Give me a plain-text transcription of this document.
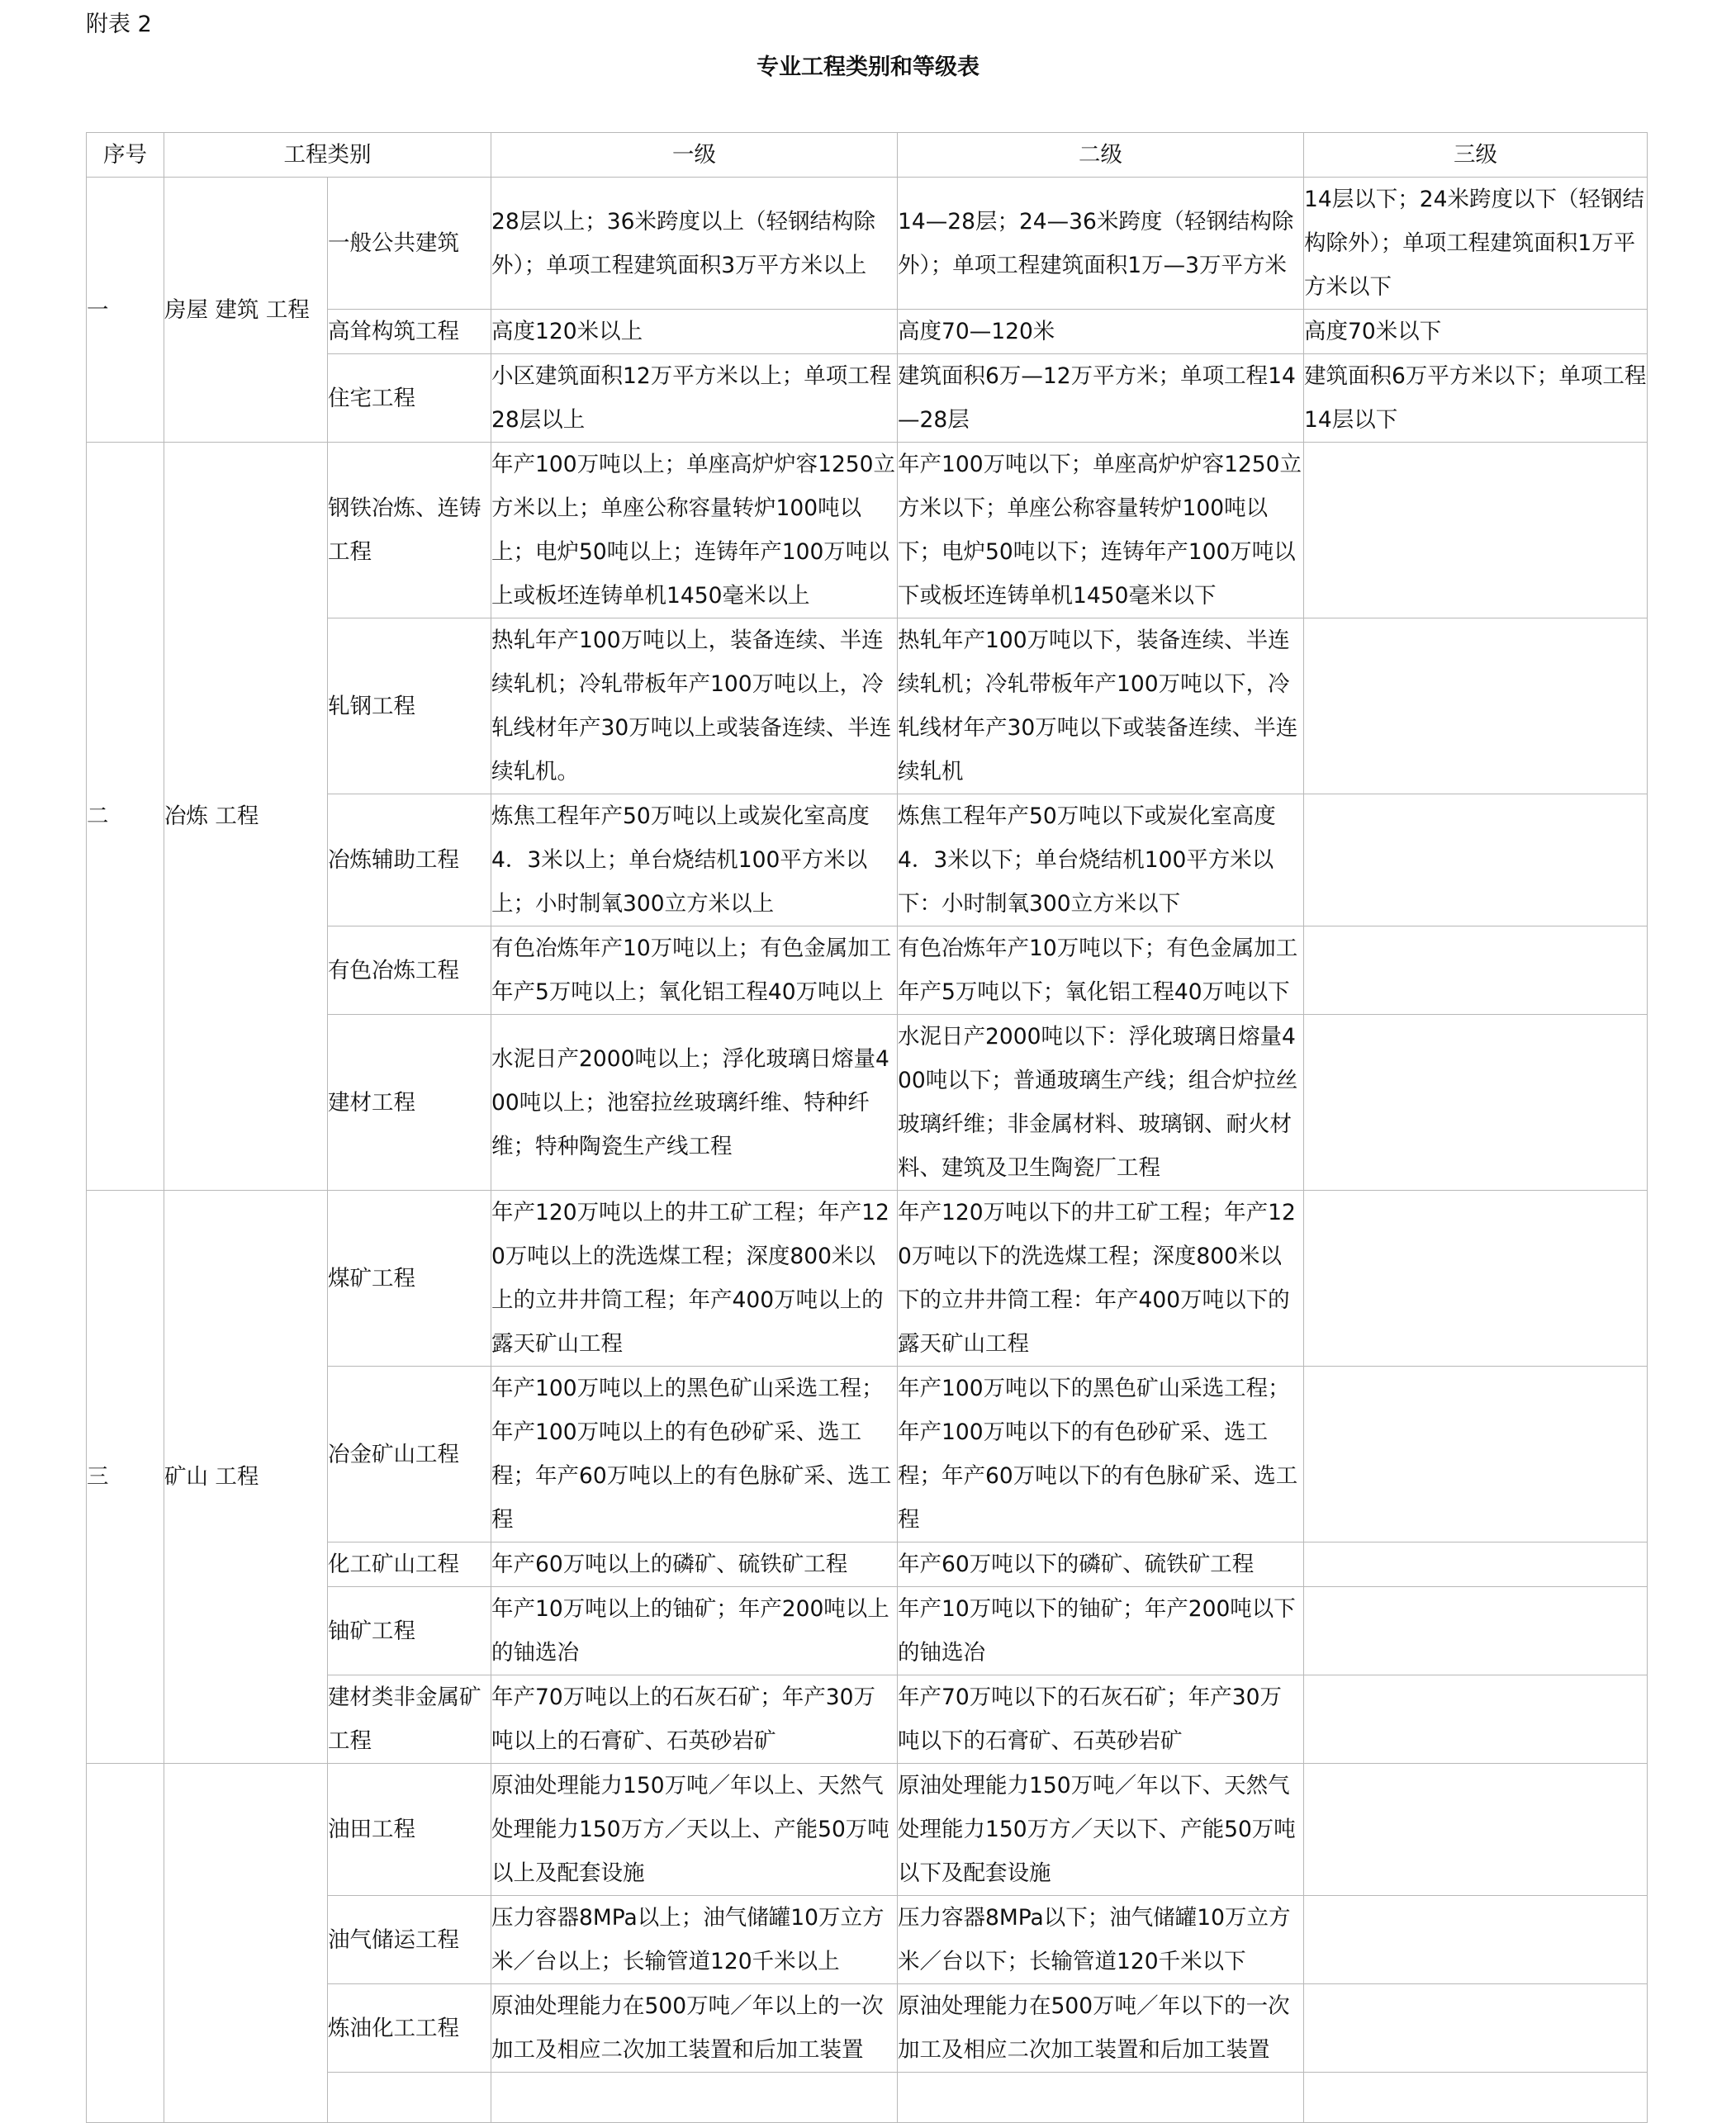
附表 2
专业工程类别和等级表
序号	工程类别		一级	二级	三级
一	房屋 建筑 工程	一般公共建筑	28层以上；36米跨度以上（轻钢结构除外）；单项工程建筑面积3万平方米以上	14—28层；24—36米跨度（轻钢结构除外）；单项工程建筑面积1万—3万平方米	14层以下；24米跨度以下（轻钢结构除外）；单项工程建筑面积1万平方米以下
		高耸构筑工程	高度120米以上	高度70—120米	高度70米以下
		住宅工程	小区建筑面积12万平方米以上；单项工程28层以上	建筑面积6万—12万平方米；单项工程14—28层	建筑面积6万平方米以下；单项工程14层以下
二	冶炼 工程	钢铁冶炼、连铸工程	年产100万吨以上；单座高炉炉容1250立方米以上；单座公称容量转炉100吨以上；电炉50吨以上；连铸年产100万吨以上或板坯连铸单机1450毫米以上	年产100万吨以下；单座高炉炉容1250立方米以下；单座公称容量转炉100吨以下；电炉50吨以下；连铸年产100万吨以下或板坯连铸单机1450毫米以下	
		轧钢工程	热轧年产100万吨以上，装备连续、半连续轧机；冷轧带板年产100万吨以上，冷轧线材年产30万吨以上或装备连续、半连续轧机。	热轧年产100万吨以下，装备连续、半连续轧机；冷轧带板年产100万吨以下，冷轧线材年产30万吨以下或装备连续、半连续轧机	
		冶炼辅助工程	炼焦工程年产50万吨以上或炭化室高度4．3米以上；单台烧结机100平方米以上；小时制氧300立方米以上	炼焦工程年产50万吨以下或炭化室高度4．3米以下；单台烧结机100平方米以下：小时制氧300立方米以下	
		有色冶炼工程	有色冶炼年产10万吨以上；有色金属加工年产5万吨以上；氧化铝工程40万吨以上	有色冶炼年产10万吨以下；有色金属加工年产5万吨以下；氧化铝工程40万吨以下	
		建材工程	水泥日产2000吨以上；浮化玻璃日熔量400吨以上；池窑拉丝玻璃纤维、特种纤维；特种陶瓷生产线工程	水泥日产2000吨以下：浮化玻璃日熔量400吨以下；普通玻璃生产线；组合炉拉丝玻璃纤维；非金属材料、玻璃钢、耐火材料、建筑及卫生陶瓷厂工程	
三	矿山 工程	煤矿工程	年产120万吨以上的井工矿工程；年产120万吨以上的洗选煤工程；深度800米以上的立井井筒工程；年产400万吨以上的露天矿山工程	年产120万吨以下的井工矿工程；年产120万吨以下的洗选煤工程；深度800米以下的立井井筒工程：年产400万吨以下的露天矿山工程	
		冶金矿山工程	年产100万吨以上的黑色矿山采选工程；年产100万吨以上的有色砂矿采、选工程；年产60万吨以上的有色脉矿采、选工程	年产100万吨以下的黑色矿山采选工程；年产100万吨以下的有色砂矿采、选工程；年产60万吨以下的有色脉矿采、选工程	
		化工矿山工程	年产60万吨以上的磷矿、硫铁矿工程	年产60万吨以下的磷矿、硫铁矿工程	
		铀矿工程	年产10万吨以上的铀矿；年产200吨以上的铀选冶	年产10万吨以下的铀矿；年产200吨以下的铀选冶	
		建材类非金属矿工程	年产70万吨以上的石灰石矿；年产30万吨以上的石膏矿、石英砂岩矿	年产70万吨以下的石灰石矿；年产30万吨以下的石膏矿、石英砂岩矿	
		油田工程	原油处理能力150万吨／年以上、天然气处理能力150万方／天以上、产能50万吨以上及配套设施	原油处理能力150万吨／年以下、天然气处理能力150万方／天以下、产能50万吨以下及配套设施	
		油气储运工程	压力容器8MPa以上；油气储罐10万立方米／台以上；长输管道120千米以上	压力容器8MPa以下；油气储罐10万立方米／台以下；长输管道120千米以下	
		炼油化工工程	原油处理能力在500万吨／年以上的一次加工及相应二次加工装置和后加工装置	原油处理能力在500万吨／年以下的一次加工及相应二次加工装置和后加工装置	
